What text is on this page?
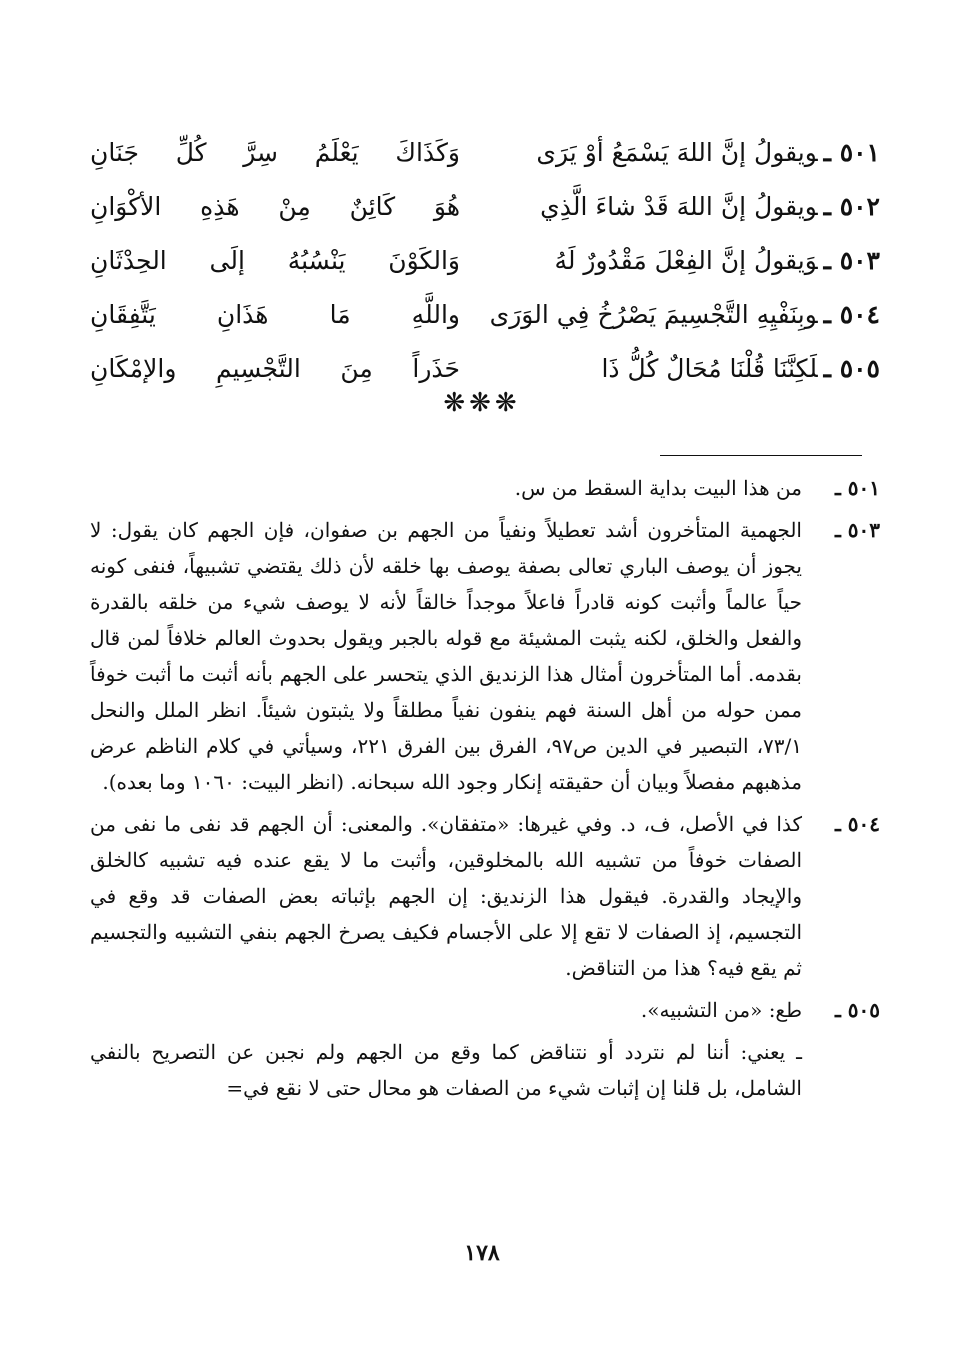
٥٠١ ـويقولُ إنَّ اللهَ يَسْمَعُ أوْ يَرَى
وَكَذَاكَ يَعْلَمُ سِرَّ كُلِّ جَنَانِ
٥٠٢ ـويقولُ إنَّ اللهَ قَدْ شاءَ الَّذِي
هُوَ كَائِنٌ مِنْ هَذِهِ الأكْوَانِ
٥٠٣ ـوَيقولُ إنَّ الفِعْلَ مَقْدُورٌ لَهُ
وَالكَوْنَ يَنْسُبُهُ إلَى الحِدْثَانِ
٥٠٤ ـوبِنَفْيِهِ التَّجْسِيمَ يَصْرُخُ فِي الوَرَى
واللَّهِ مَا هَذَانِ يَتَّفِقَانِ
٥٠٥ ـلَكِنَّنَا قُلْنَا مُحَالٌ كُلُّ ذَا
حَذَراً مِنَ التَّجْسِيمِ والإمْكَانِ
❋❋❋
٥٠١ ـ
من هذا البيت بداية السقط من س.
٥٠٣ ـ
الجهمية المتأخرون أشد تعطيلاً ونفياً من الجهم بن صفوان، فإن الجهم كان يقول: لا يجوز أن يوصف الباري تعالى بصفة يوصف بها خلقه لأن ذلك يقتضي تشبيهاً، فنفى كونه حياً عالماً وأثبت كونه قادراً فاعلاً موجداً خالقاً لأنه لا يوصف شيء من خلقه بالقدرة والفعل والخلق، لكنه يثبت المشيئة مع قوله بالجبر ويقول بحدوث العالم خلافاً لمن قال بقدمه. أما المتأخرون أمثال هذا الزنديق الذي يتحسر على الجهم بأنه أثبت ما أثبت خوفاً ممن حوله من أهل السنة فهم ينفون نفياً مطلقاً ولا يثبتون شيئاً. انظر الملل والنحل ٧٣/١، التبصير في الدين ص٩٧، الفرق بين الفرق ٢٢١، وسيأتي في كلام الناظم عرض مذهبهم مفصلاً وبيان أن حقيقته إنكار وجود الله سبحانه. (انظر البيت: ١٠٦٠ وما بعده).
٥٠٤ ـ
كذا في الأصل، ف، د. وفي غيرها: «متفقان». والمعنى: أن الجهم قد نفى ما نفى من الصفات خوفاً من تشبيه الله بالمخلوقين، وأثبت ما لا يقع عنده فيه تشبيه كالخلق والإيجاد والقدرة. فيقول هذا الزنديق: إن الجهم بإثباته بعض الصفات قد وقع في التجسيم، إذ الصفات لا تقع إلا على الأجسام فكيف يصرخ الجهم بنفي التشبيه والتجسيم ثم يقع فيه؟ هذا من التناقض.
٥٠٥ ـ
طع: «من التشبيه».
ـ يعني: أننا لم نتردد أو نتناقض كما وقع من الجهم ولم نجبن عن التصريح بالنفي الشامل، بل قلنا إن إثبات شيء من الصفات هو محال حتى لا نقع في=
١٧٨
